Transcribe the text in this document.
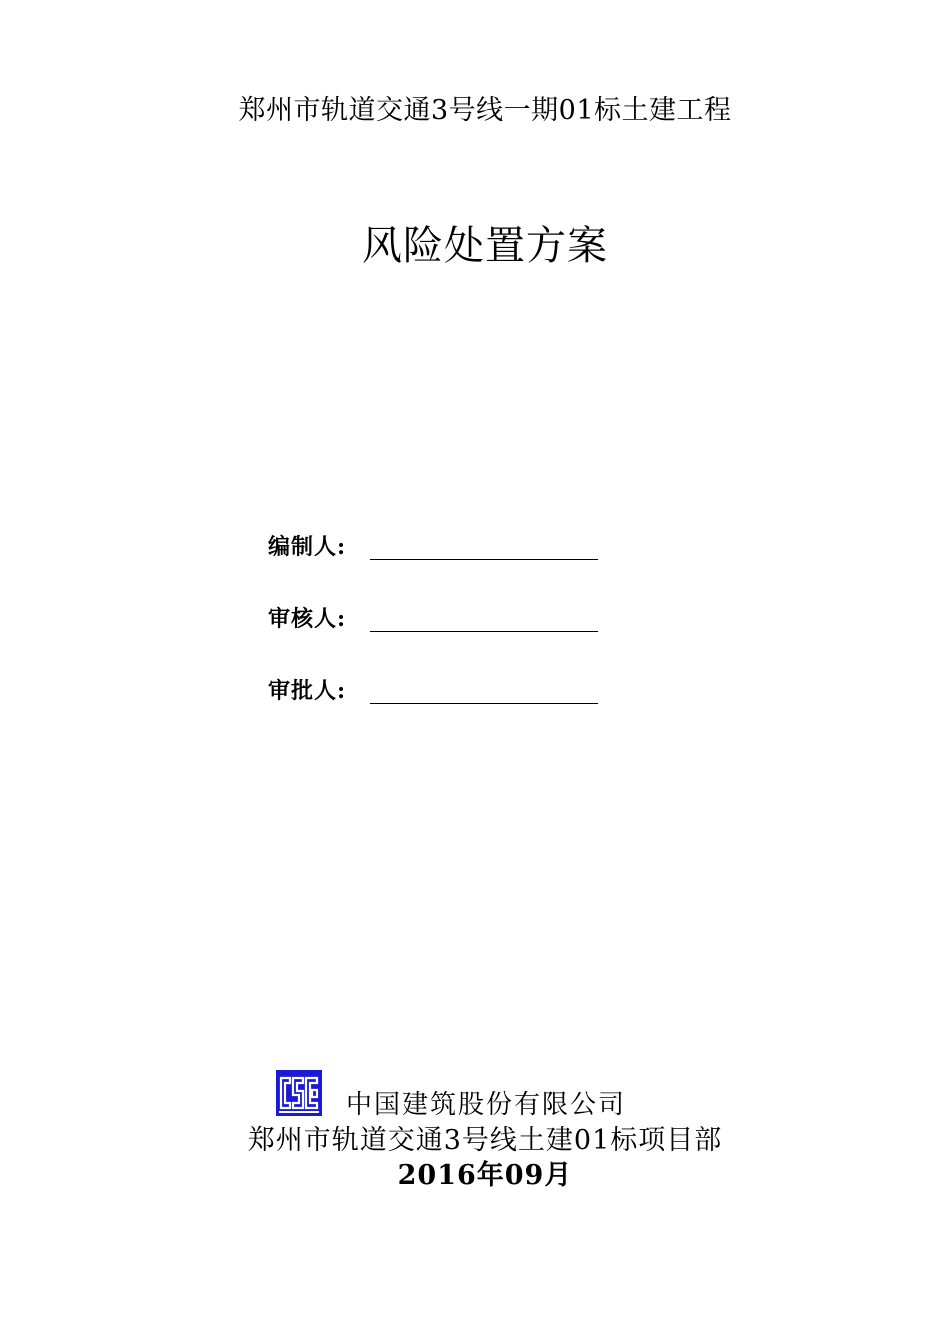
郑州市轨道交通3号线一期01标土建工程
风险处置方案
编制人:
审核人:
审批人:
中国建筑股份有限公司
郑州市轨道交通3号线土建01标项目部
2016年09月
